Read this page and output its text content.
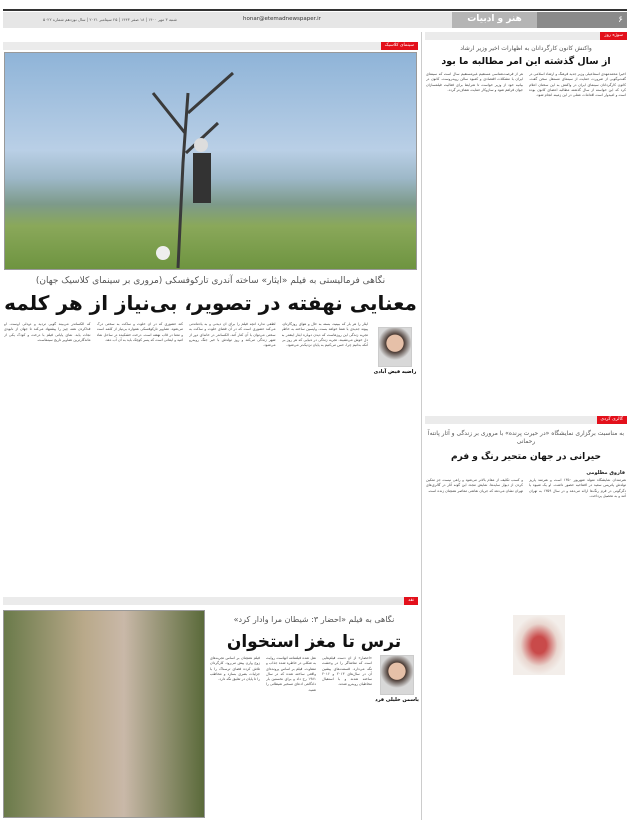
۶
هنر و ادبیات
honar@etemadnewspaper.ir
شنبه ۳ مهر ۱۴۰۰ | ۱۸ صفر ۱۴۴۳ | ۲۵ سپتامبر ۲۰۲۱ | سال نوزدهم شماره ۵۰۲۲
سینمای کلاسیک
نگاهی فرمالیستی به فیلم «ایثار» ساخته آندری تارکوفسکی (مروری بر سینمای کلاسیک جهان)
معنایی نهفته در تصویر، بی‌نیاز از هر کلمه
راضیه فیض آبادی
ایثار را هر بار که ببینید، بسته به حال و هوای روزگارتان، پیوند جدیدی با شما خواهد بست. واپسین ساخته به خاطر تجربه زندگی این روزهاست که دیدن دوباره ایثار اینقدر به دل خوش می‌نشیند. تجربه زندگی در دنیایی که هر روز بی آنکه بدانیم چرا، حس می‌کنیم به پایان نزدیک‌تر می‌شود.
لطفی ندارد آنچه فیلم را برای آن دیدنی و به یادماندنی می‌کند حضوری است که در آن فضای خلوت و ساکت به سختی می‌توان با آن کنار آمد. الکساندر در خانه‌ای دور از شهر زندگی می‌کند و روز تولدش با خبر جنگ روبه‌رو می‌شود.
کند حضوری که در آن خلوت و ساکت به سختی درک می‌شود. تصاویر تارکوفسکی همواره بی‌نیاز از کلمه است و معنا در قاب نهفته است. درخت خشکیده در ساحل نماد امید و ایمانی است که پسر کوچک باید به آن آب دهد.
که الکساندر می‌بیند گویی تردید و دودلی اوست. او فداکردن همه چیز را پیشنهاد می‌کند تا جهان از نابودی نجات یابد. نمای پایانی فیلم با درخت و کودک یکی از ماندگارترین تصاویر تاریخ سینماست.
نقد
نگاهی به فیلم «احضار ۳: شیطان مرا وادار کرد»
ترس تا مغز استخوان
یاسمن خلیلی فرد
«احضار» از آن دست فیلم‌هایی است که تماشاگر را در وحشت نگه می‌دارد. قسمت‌های پیشین آن در سال‌های ۲۰۱۳ و ۲۰۱۶ ساخته شدند و با استقبال مخاطبان روبه‌رو شدند.
نقل شده فیلمنامه آنهاست روایت به شکلی در خاطره شده جذاب و متفاوت. فیلم بر اساس پرونده‌ای واقعی ساخته شده که در سال ۱۹۸۱ رخ داد و برای نخستین بار دادگاهی ادعای تسخیر شیطانی را شنید.
فیلم همچنان بر اساس تجربه‌های زوج وارن پیش می‌رود. کارگردان تلاش کرده فضای ترسناک را با جزئیات بصری بسازد و مخاطب را تا پایان در تعلیق نگه دارد.
سوژه روز
واکنش کانون کارگردانان به اظهارات اخیر وزیر ارشاد
از سال گذشته این امر مطالبه ما بود
اخیرا محمدمهدی اسماعیلی وزیر جدید فرهنگ و ارشاد اسلامی در گفت‌وگویی از ضرورت حمایت از سینمای مستقل سخن گفت. کانون کارگردانان سینمای ایران در واکنش به این سخنان اعلام کرد که این خواسته از سال گذشته مطالبه اعضای کانون بوده است و امیدوار است اقدامات عملی در این زمینه انجام شود.
هر از فرصت‌شناسی مستقیم غیرمستقیم سال است که سینمای ایران با مشکلات اقتصادی و کمبود سالن روبه‌روست. کانون در بیانیه خود از وزیر خواست تا شرایط برای فعالیت فیلمسازان جوان فراهم شود و سازوکار حمایت شفاف‌تر گردد.
گالری گردی
به مناسبت برگزاری نمایشگاه «در حیرت پرنده» با مروری بر زندگی و آثار پانته‌آ رحمانی
حیرانی در جهان متحیر رنگ و فرم
فاروق مظلومی
هنرمندان نمایشگاه متولد شهریور ۱۳۵۰ است و هنرمند پاریز تولدش پاتریس سعید در افتتاحیه حضور داشت. او یک شیوه یا دگرگونی در فرم رنگ‌ها ارائه می‌دهد و در سال ۱۳۵۹ به تهران آمد و به تحصیل پرداخت.
و کسب تکلیف از مقام بالاتر می‌شود و راهی نیست جز تمکین کردن از دیوار سایه‌ها. نمایش مجدد این گونه آثار در گالری‌های تهران نشان می‌دهد که جریان نقاشی معاصر همچنان زنده است.
